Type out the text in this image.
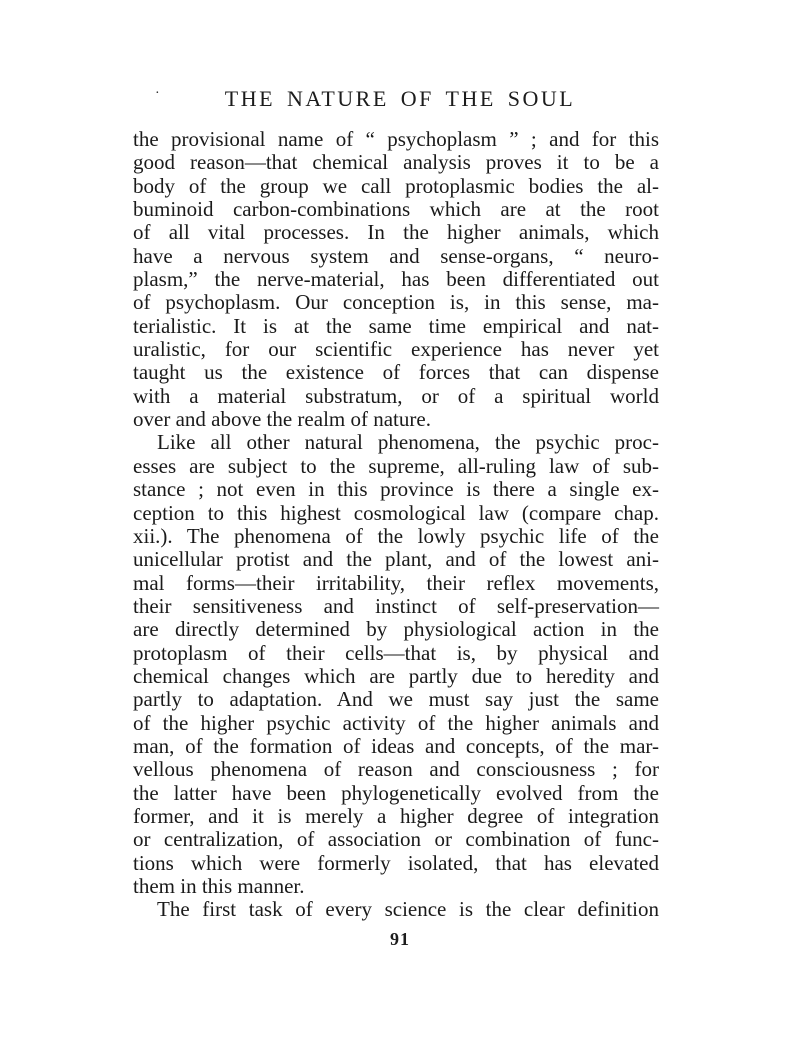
·	THE NATURE OF THE SOUL
the provisional name of “ psychoplasm ” ; and for this
good reason—that chemical analysis proves it to be a
body of the group we call protoplasmic bodies the al-
buminoid carbon-combinations which are at the root
of all vital processes. In the higher animals, which
have a nervous system and sense-organs, “ neuro-
plasm,” the nerve-material, has been differentiated out
of psychoplasm. Our conception is, in this sense, ma-
terialistic. It is at the same time empirical and nat-
uralistic, for our scientific experience has never yet
taught us the existence of forces that can dispense
with a material substratum, or of a spiritual world
over and above the realm of nature.
Like all other natural phenomena, the psychic proc-
esses are subject to the supreme, all-ruling law of sub-
stance ; not even in this province is there a single ex-
ception to this highest cosmological law (compare chap.
xii.). The phenomena of the lowly psychic life of the
unicellular protist and the plant, and of the lowest ani-
mal forms—their irritability, their reflex movements,
their sensitiveness and instinct of self-preservation—
are directly determined by physiological action in the
protoplasm of their cells—that is, by physical and
chemical changes which are partly due to heredity and
partly to adaptation. And we must say just the same
of the higher psychic activity of the higher animals and
man, of the formation of ideas and concepts, of the mar-
vellous phenomena of reason and consciousness ; for
the latter have been phylogenetically evolved from the
former, and it is merely a higher degree of integration
or centralization, of association or combination of func-
tions which were formerly isolated, that has elevated
them in this manner.
The first task of every science is the clear definition
91
